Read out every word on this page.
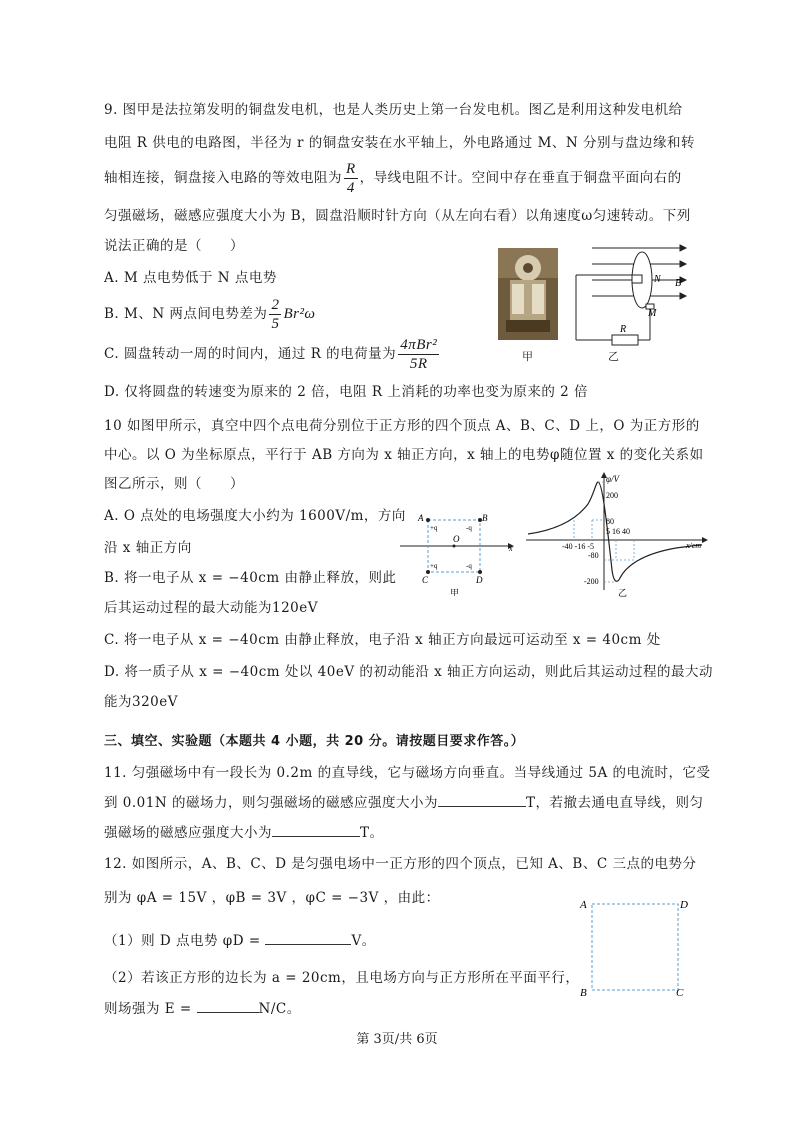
9. 图甲是法拉第发明的铜盘发电机，也是人类历史上第一台发电机。图乙是利用这种发电机给
电阻 R 供电的电路图，半径为 r 的铜盘安装在水平轴上，外电路通过 M、N 分别与盘边缘和转
轴相连接，铜盘接入电路的等效电阻为 $\frac{R}{4}$ ，导线电阻不计。空间中存在垂直于铜盘平面向右的
匀强磁场，磁感应强度大小为 B，圆盘沿顺时针方向（从左向右看）以角速度ω匀速转动。下列
说法正确的是（　　）
A. M 点电势低于 N 点电势
B. M、N 两点间电势差为 $\frac{2}{5} Br^2\omega$
C. 圆盘转动一周的时间内，通过 R 的电荷量为 $\frac{\text{4πBr²}}{5R}$
D. 仅将圆盘的转速变为原来的 2 倍，电阻 R 上消耗的功率也变为原来的 2 倍
甲
N B
M
R
乙
10 如图甲所示，真空中四个点电荷分别位于正方形的四个顶点 A、B、C、D 上，O 为正方形的
中心。以 O 为坐标原点，平行于 AB 方向为 x 轴正方向，x 轴上的电势φ随位置 x 的变化关系如
图乙所示，则（　　）
A. O 点处的电场强度大小约为 1600V/m，方向
沿 x 轴正方向
B. 将一电子从 x = −40cm 由静止释放，则此
后其运动过程的最大动能为120eV
C. 将一电子从 x = −40cm 由静止释放，电子沿 x 轴正方向最远可运动至 x = 40cm 处
D. 将一质子从 x = −40cm 处以 40eV 的初动能沿 x 轴正方向运动，则此后其运动过程的最大动
能为320eV
A	B
C	D
O
x
+q	-q
+q	-q
甲
φ/V
200
80
-80
-200
-40 -16 -5
5 16 40
x/cm
乙
三、填空、实验题（本题共 4 小题，共 20 分。请按题目要求作答。）
11. 匀强磁场中有一段长为 0.2m 的直导线，它与磁场方向垂直。当导线通过 5A 的电流时，它受
到 0.01N 的磁场力，则匀强磁场的磁感应强度大小为	T，若撤去通电直导线，则匀
强磁场的磁感应强度大小为	T。
12. 如图所示，A、B、C、D 是匀强电场中一正方形的四个顶点，已知 A、B、C 三点的电势分
别为 φA = 15V ，φB = 3V ，φC = −3V ，由此：
（1）则 D 点电势 φD =	V。
（2）若该正方形的边长为 a = 20cm，且电场方向与正方形所在平面平行，
则场强为 E =	N/C。
A	D
B	C
第 3页/共 6页
